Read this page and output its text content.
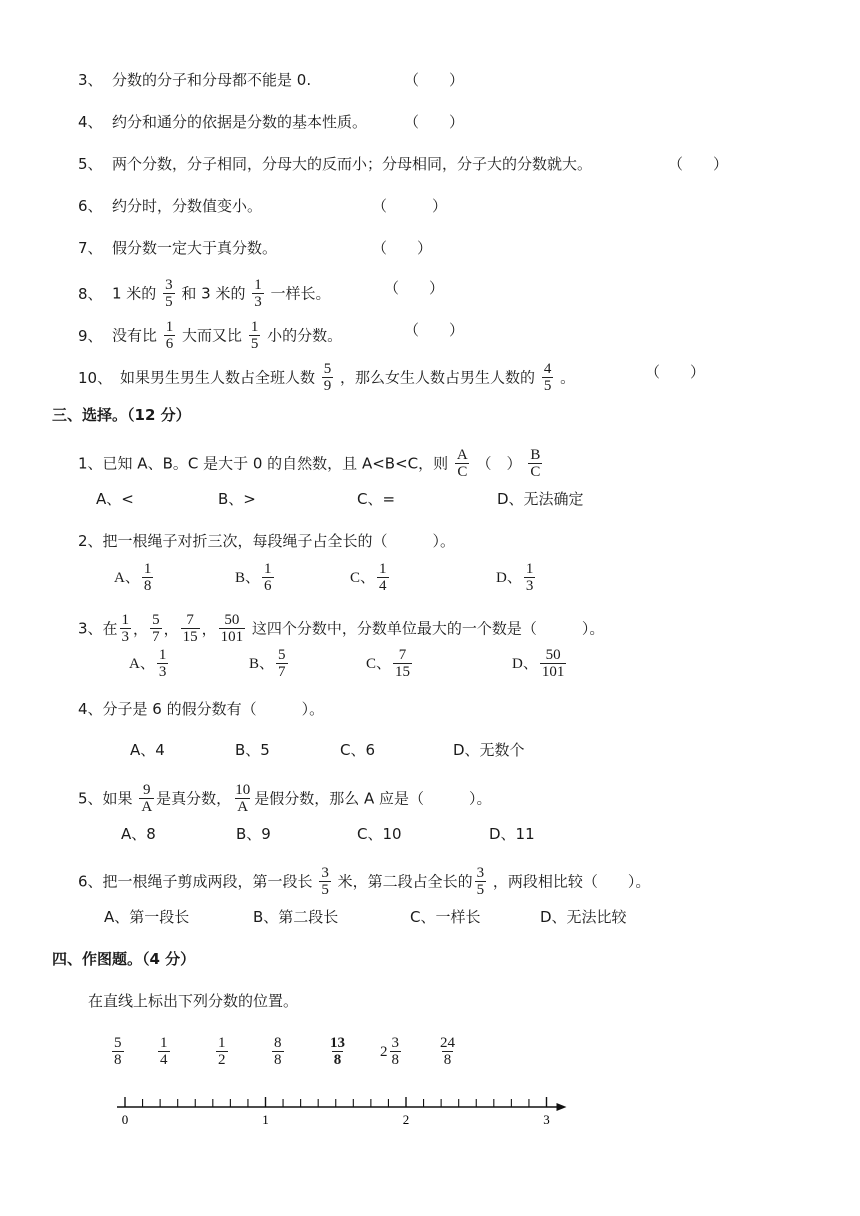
3、 分数的分子和分母都不能是 0.	（　　）
4、 约分和通分的依据是分数的基本性质。 （　　）
5、 两个分数，分子相同，分母大的反而小；分母相同，分子大的分数就大。	（　　）
6、 约分时，分数值变小。	（　　　）
7、 假分数一定大于真分数。	（　　）
8、 1 米的 $\frac{3}{5}$ 和 3 米的 $\frac{1}{3}$ 一样长。	（　　）
9、 没有比 $\frac{1}{6}$ 大而又比 $\frac{1}{5}$ 小的分数。	（　　）
10、 如果男生男生人数占全班人数 $\frac{5}{9}$ ，那么女生人数占男生人数的 $\frac{4}{5}$ 。	（　　）
三、选择。（12 分）
1、已知 A、B。C 是大于 0 的自然数，且 A<B<C，则 $\frac{A}{C}$ （　） $\frac{B}{C}$
A、<	B、>	C、=	D、无法确定
2、把一根绳子对折三次，每段绳子占全长的（　　　）。
A、 $\frac{1}{8}$	B、 $\frac{1}{6}$	C、 $\frac{1}{4}$	D、 $\frac{1}{3}$
3、在 $\frac{1}{3}$ ， $\frac{5}{7}$ ， $\frac{7}{15}$ ， $\frac{50}{101}$ 这四个分数中，分数单位最大的一个数是（　　　）。
A、 $\frac{1}{3}$	B、 $\frac{5}{7}$	C、 $\frac{7}{15}$	D、 $\frac{50}{101}$
4、分子是 6 的假分数有（　　　）。
A、4	B、5	C、6	D、无数个
5、如果 $\frac{9}{A}$ 是真分数， $\frac{10}{A}$ 是假分数，那么 A 应是（　　　）。
A、8	B、9	C、10	D、11
6、把一根绳子剪成两段，第一段长 $\frac{3}{5}$ 米，第二段占全长的 $\frac{3}{5}$ ，两段相比较（　　）。
A、第一段长	B、第二段长	C、一样长	D、无法比较
四、作图题。（4 分）
在直线上标出下列分数的位置。
$\frac{5}{8} \frac{1}{4}$	$\frac{1}{2}$	$\frac{8}{8}$	$\frac{13}{8} 2 \frac{3}{8} \frac{24}{8}$
0	1	2	3
